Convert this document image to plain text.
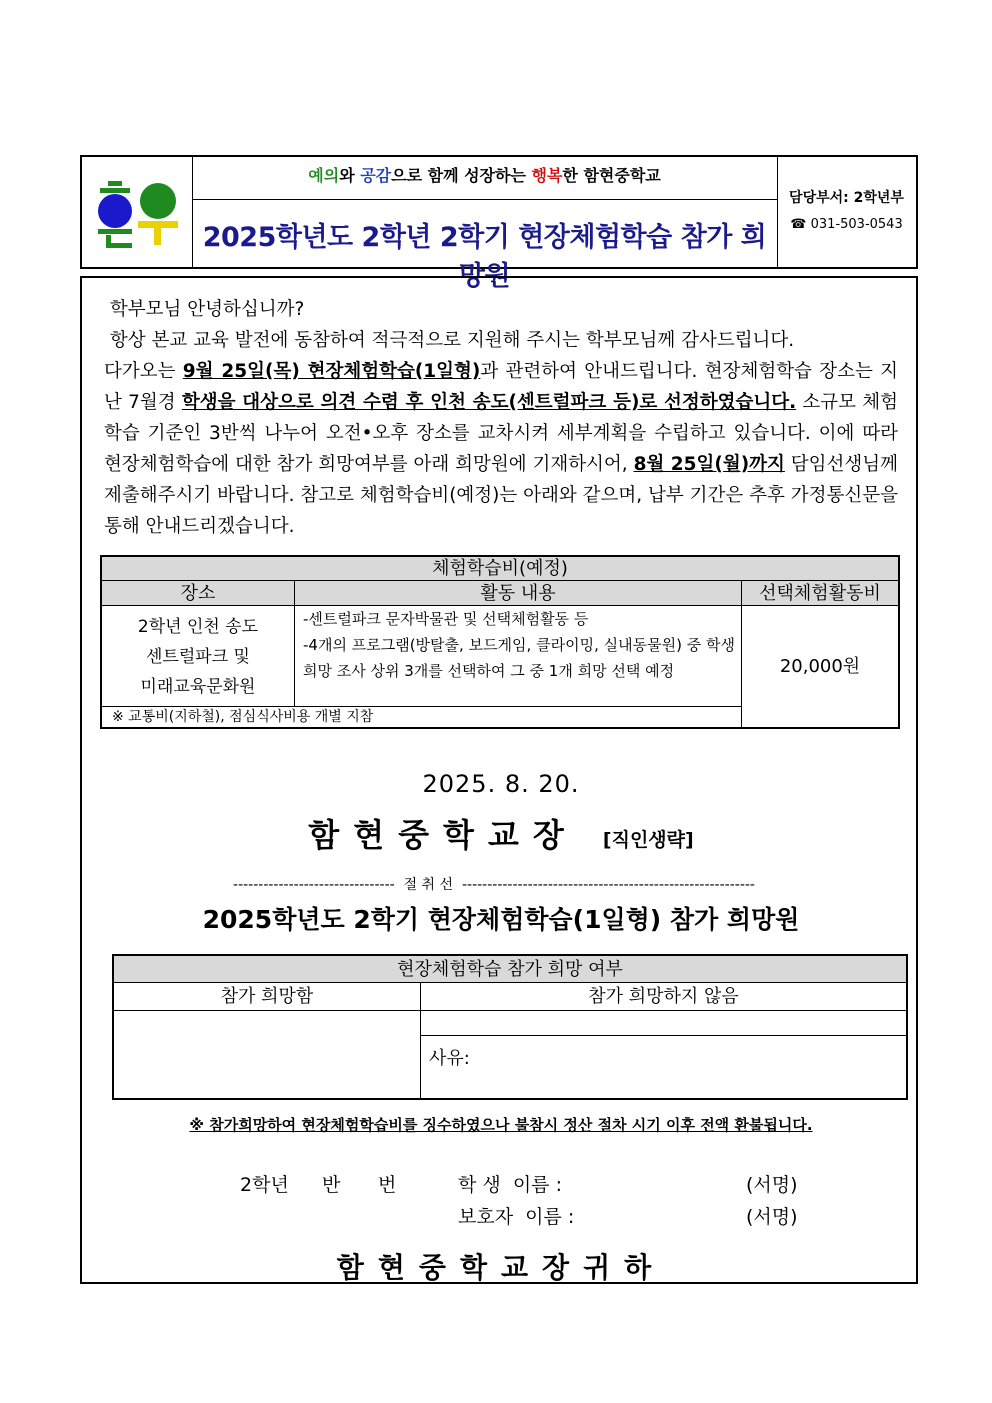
예의와 공감으로 함께 성장하는 행복한 함현중학교
2025학년도 2학년 2학기 현장체험학습 참가 희망원
담당부서: 2학년부
☎ 031-503-0543
학부모님 안녕하십니까?
항상 본교 교육 발전에 동참하여 적극적으로 지원해 주시는 학부모님께 감사드립니다.
다가오는 9월 25일(목) 현장체험학습(1일형)과 관련하여 안내드립니다. 현장체험학습 장소는 지난 7월경 학생을 대상으로 의견 수렴 후 인천 송도(센트럴파크 등)로 선정하였습니다. 소규모 체험학습 기준인 3반씩 나누어 오전•오후 장소를 교차시켜 세부계획을 수립하고 있습니다. 이에 따라 현장체험학습에 대한 참가 희망여부를 아래 희망원에 기재하시어, 8월 25일(월)까지 담임선생님께 제출해주시기 바랍니다. 참고로 체험학습비(예정)는 아래와 같으며, 납부 기간은 추후 가정통신문을 통해 안내드리겠습니다.
체험학습비(예정)
장소	활동 내용	선택체험활동비
2학년 인천 송도
센트럴파크 및
미래교육문화원
-센트럴파크 문자박물관 및 선택체험활동 등
-4개의 프로그램(방탈출, 보드게임, 클라이밍, 실내동물원) 중 학생 희망 조사 상위 3개를 선택하여 그 중 1개 희망 선택 예정	20,000원
※ 교통비(지하철), 점심식사비용 개별 지참
2025. 8. 20.
함현중학교장 [직인생략]
-------------------------------- 절 취 선 ----------------------------------------------------------
2025학년도 2학기 현장체험학습(1일형) 참가 희망원
현장체험학습 참가 희망 여부
참가 희망함	참가 희망하지 않음
사유:
※ 참가희망하여 현장체험학습비를 징수하였으나 불참시 정산 절차 시기 이후 전액 환불됩니다.
2학년 반 번	학 생  이름 :	(서명)
보호자  이름 :	(서명)
함현중학교장귀하
